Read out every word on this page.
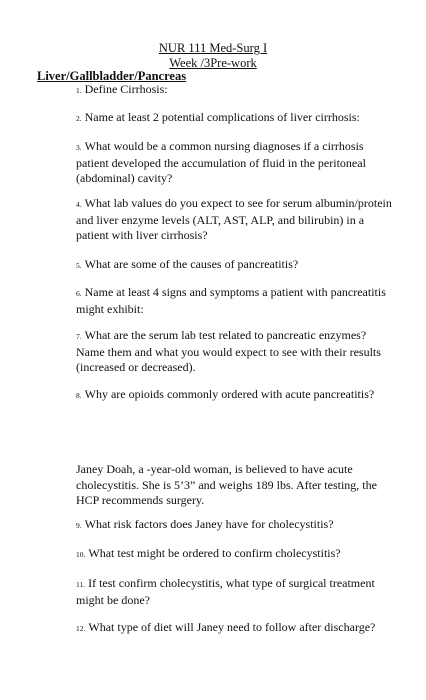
NUR 111 Med-Surg I
Week /3Pre-work
Liver/Gallbladder/Pancreas
1. Define Cirrhosis:
2. Name at least 2 potential complications of liver cirrhosis:
3. What would be a common nursing diagnoses if a cirrhosis patient developed the accumulation of fluid in the peritoneal (abdominal) cavity?
4. What lab values do you expect to see for serum albumin/protein and liver enzyme levels (ALT, AST, ALP, and bilirubin) in a patient with liver cirrhosis?
5. What are some of the causes of pancreatitis?
6. Name at least 4 signs and symptoms a patient with pancreatitis might exhibit:
7. What are the serum lab test related to pancreatic enzymes? Name them and what you would expect to see with their results (increased or decreased).
8. Why are opioids commonly ordered with acute pancreatitis?
Janey Doah, a -year-old woman, is believed to have acute cholecystitis. She is 5’3” and weighs 189 lbs. After testing, the HCP recommends surgery.
9. What risk factors does Janey have for cholecystitis?
10. What test might be ordered to confirm cholecystitis?
11. If test confirm cholecystitis, what type of surgical treatment might be done?
12. What type of diet will Janey need to follow after discharge?
